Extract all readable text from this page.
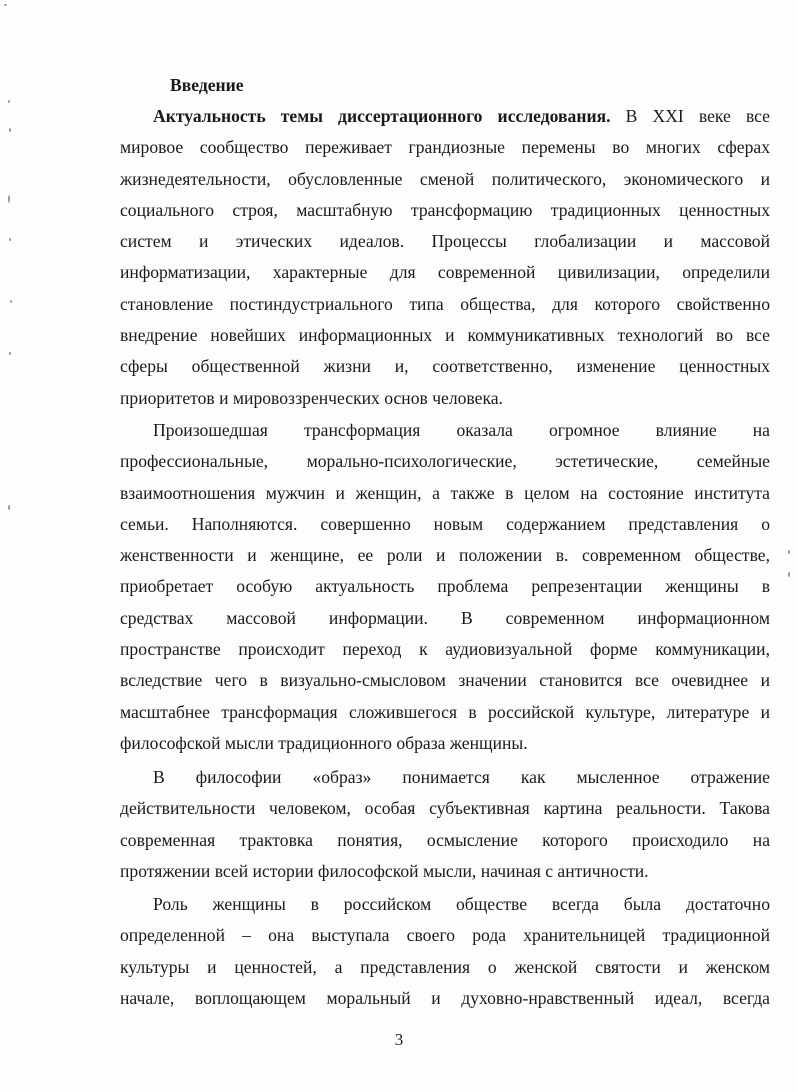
Введение
Актуальность темы диссертационного исследования. В XXI веке все
мировое сообщество переживает грандиозные перемены во многих сферах
жизнедеятельности, обусловленные сменой политического, экономического и
социального строя, масштабную трансформацию традиционных ценностных
систем и этических идеалов. Процессы глобализации и массовой
информатизации, характерные для современной цивилизации, определили
становление постиндустриального типа общества, для которого свойственно
внедрение новейших информационных и коммуникативных технологий во все
сферы общественной жизни и, соответственно, изменение ценностных
приоритетов и мировоззренческих основ человека.
Произошедшая трансформация оказала огромное влияние на
профессиональные, морально-психологические, эстетические, семейные
взаимоотношения мужчин и женщин, а также в целом на состояние института
семьи. Наполняются. совершенно новым содержанием представления о
женственности и женщине, ее роли и положении в. современном обществе,
приобретает особую актуальность проблема репрезентации женщины в
средствах массовой информации. В современном информационном
пространстве происходит переход к аудиовизуальной форме коммуникации,
вследствие чего в визуально-смысловом значении становится все очевиднее и
масштабнее трансформация сложившегося в российской культуре, литературе и
философской мысли традиционного образа женщины.
В философии «образ» понимается как мысленное отражение
действительности человеком, особая субъективная картина реальности. Такова
современная трактовка понятия, осмысление которого происходило на
протяжении всей истории философской мысли, начиная с античности.
Роль женщины в российском обществе всегда была достаточно
определенной – она выступала своего рода хранительницей традиционной
культуры и ценностей, а представления о женской святости и женском
начале, воплощающем моральный и духовно-нравственный идеал, всегда
3
